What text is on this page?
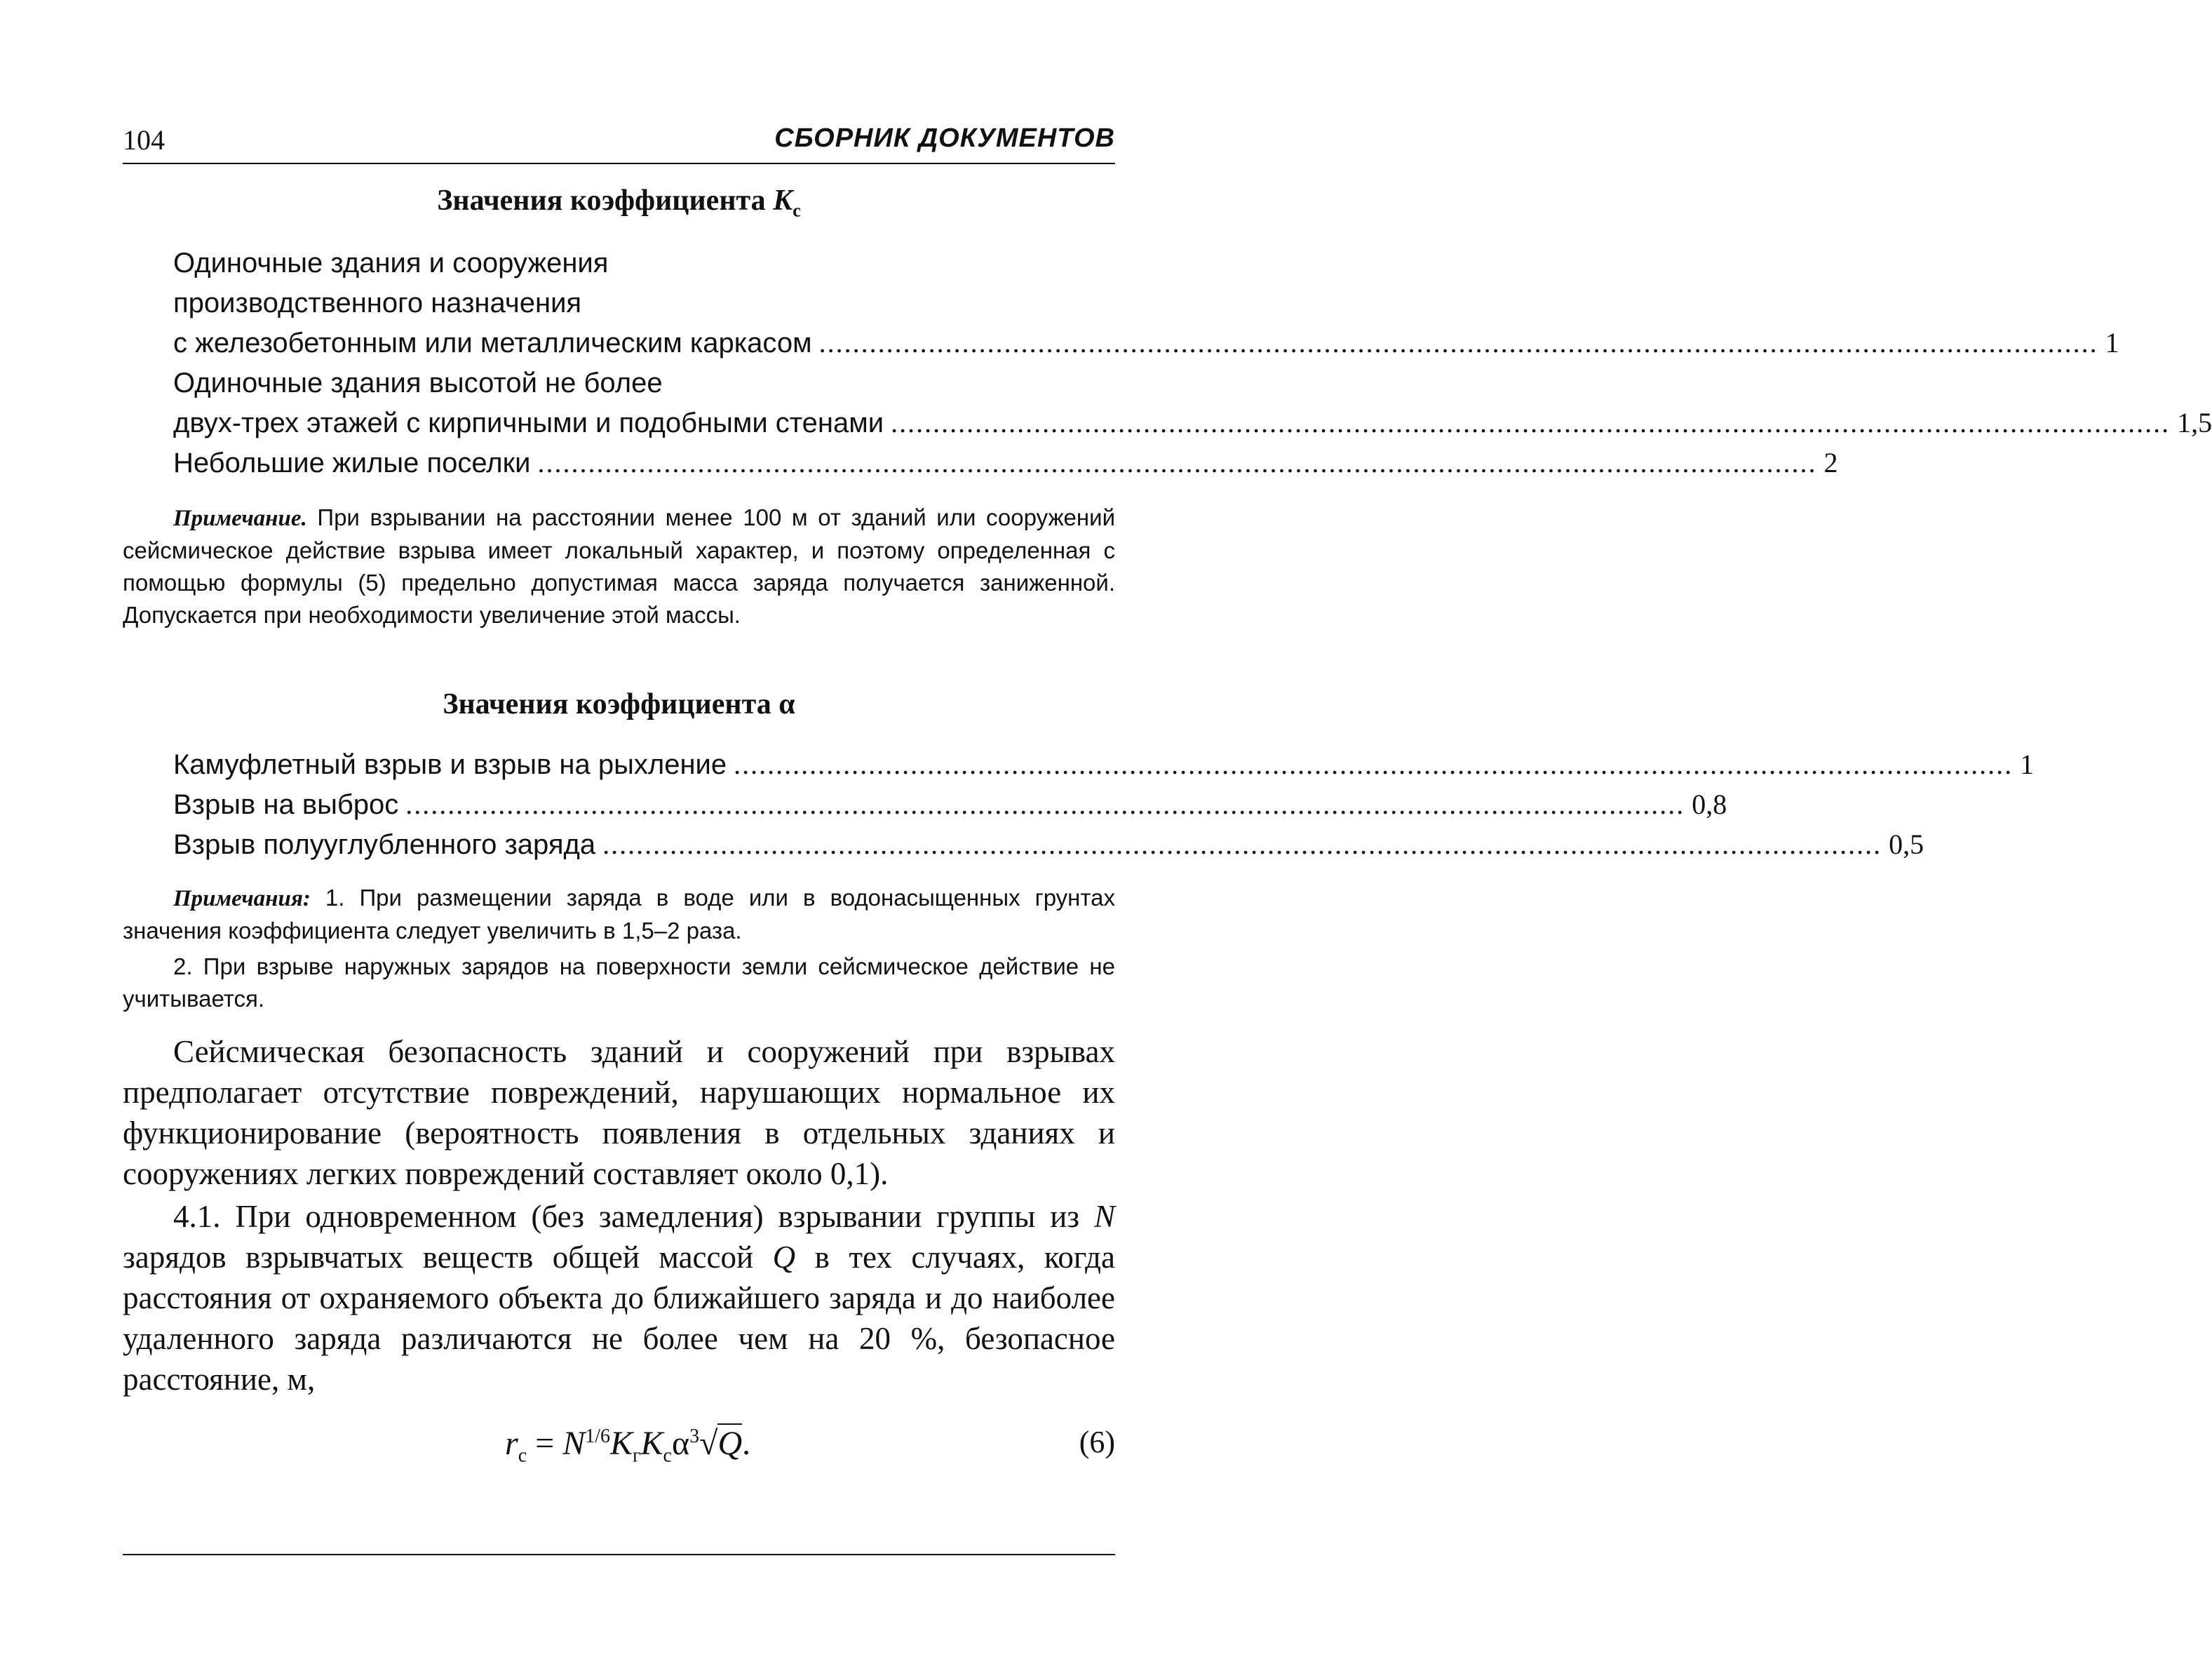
104	СБОРНИК ДОКУМЕНТОВ
Значения коэффициента $K_с$
Одиночные здания и сооружения
производственного назначения
с железобетонным или металлическим каркасом ........................................................................................................................................................ 1
Одиночные здания высотой не более
двух-трех этажей с кирпичными и подобными стенами ........................................................................................................................................................ 1,5
Небольшие жилые поселки ........................................................................................................................................................ 2
Примечание. При взрывании на расстоянии менее 100 м от зданий или сооружений сейсмическое действие взрыва имеет локальный характер, и поэтому определенная с помощью формулы (5) предельно допустимая масса заряда получается заниженной. Допускается при необходимости увеличение этой массы.
Значения коэффициента α
Камуфлетный взрыв и взрыв на рыхление ........................................................................................................................................................ 1
Взрыв на выброс ........................................................................................................................................................ 0,8
Взрыв полууглубленного заряда ........................................................................................................................................................ 0,5
Примечания: 1. При размещении заряда в воде или в водонасыщенных грунтах значения коэффициента следует увеличить в 1,5–2 раза.
2. При взрыве наружных зарядов на поверхности земли сейсмическое действие не учитывается.
Сейсмическая безопасность зданий и сооружений при взрывах предполагает отсутствие повреждений, нарушающих нормальное их функционирование (вероятность появления в отдельных зданиях и сооружениях легких повреждений составляет около 0,1).
4.1. При одновременном (без замедления) взрывании группы из N зарядов взрывчатых веществ общей массой Q в тех случаях, когда расстояния от охраняемого объекта до ближайшего заряда и до наиболее удаленного заряда различаются не более чем на 20 %, безопасное расстояние, м,
$r_с = N^{1/6}K_гK_с\alpha^3√Q$.	(6)
